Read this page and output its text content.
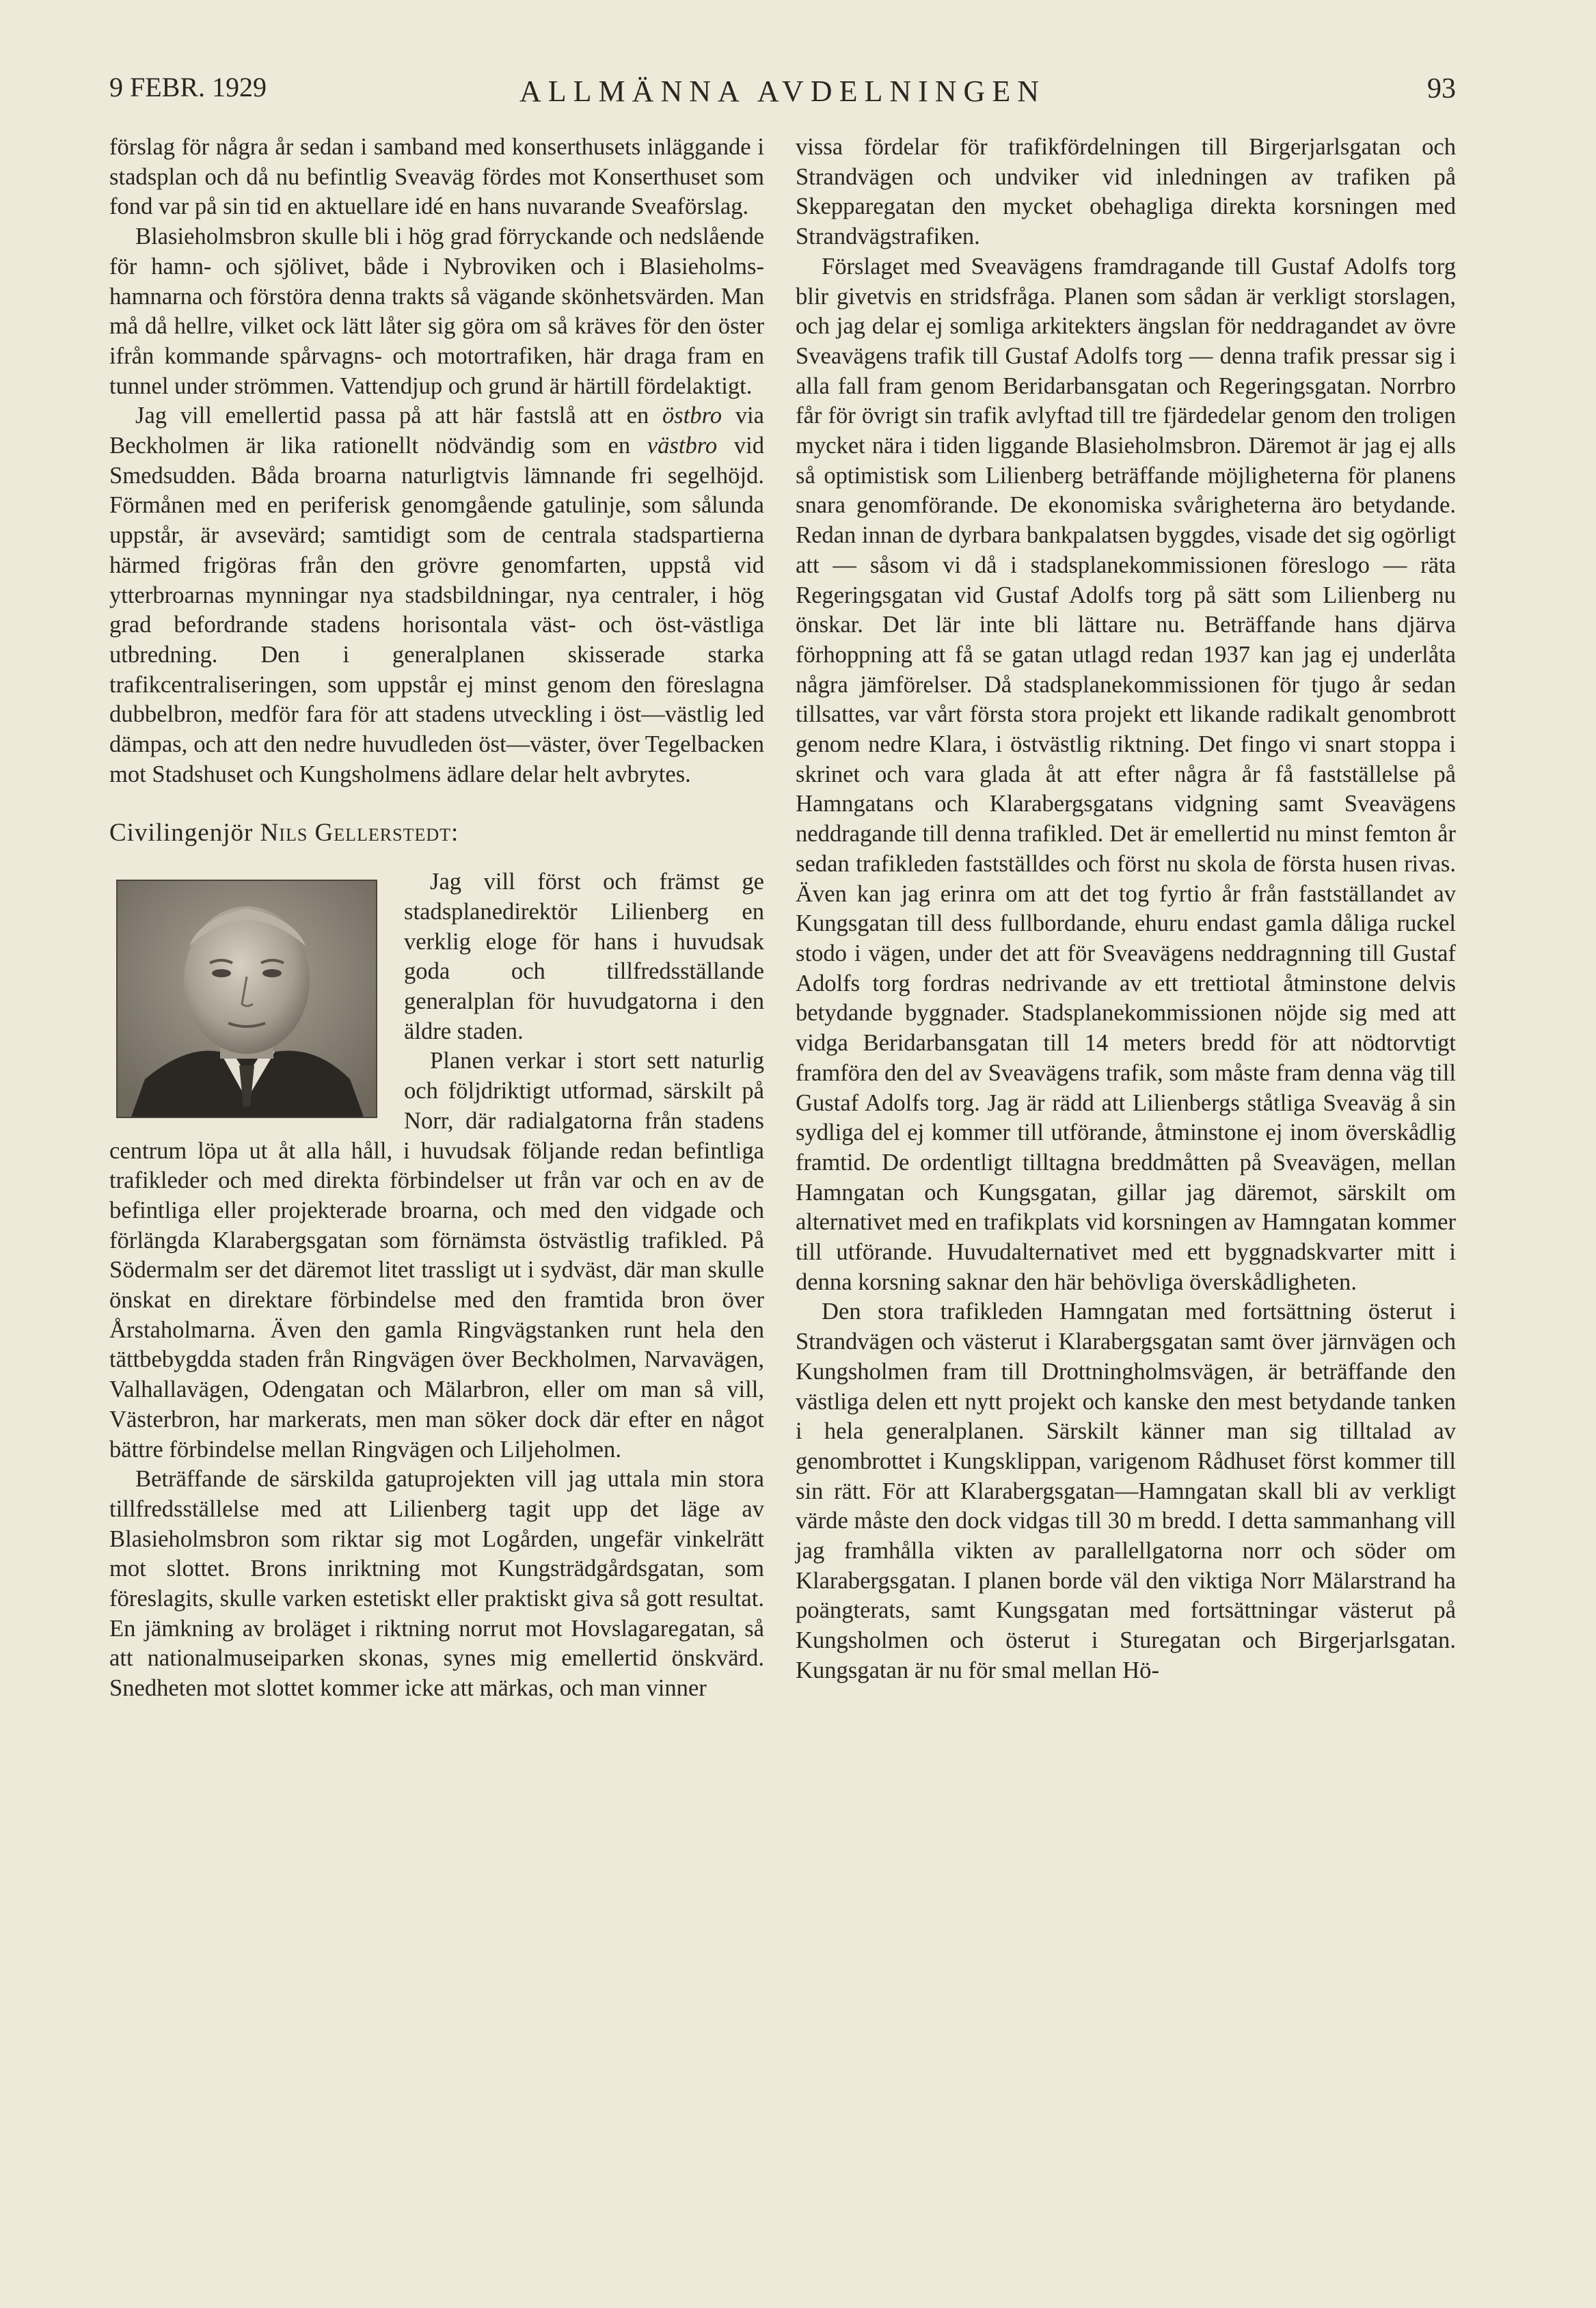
9 FEBR. 1929	ALLMÄNNA AVDELNINGEN	93

förslag för några år sedan i samband med konserthusets inläggande i stadsplan och då nu befintlig Sveaväg fördes mot Konserthuset som fond var på sin tid en aktuellare idé en hans nuvarande Sveaförslag.

Blasieholmsbron skulle bli i hög grad förryckande och nedslående för hamn- och sjölivet, både i Nybroviken och i Blasieholms-hamnarna och förstöra denna trakts så vägande skönhetsvärden. Man må då hellre, vilket ock lätt låter sig göra om så kräves för den öster ifrån kommande spårvagns- och motortrafiken, här draga fram en tunnel under strömmen. Vattendjup och grund är härtill fördelaktigt.

Jag vill emellertid passa på att här fastslå att en östbro via Beckholmen är lika rationellt nödvändig som en västbro vid Smedsudden. Båda broarna naturligtvis lämnande fri segelhöjd. Förmånen med en periferisk genomgående gatulinje, som sålunda uppstår, är avsevärd; samtidigt som de centrala stadspartierna härmed frigöras från den grövre genomfarten, uppstå vid ytterbroarnas mynningar nya stadsbildningar, nya centraler, i hög grad befordrande stadens horisontala väst- och öst-västliga utbredning. Den i generalplanen skisserade starka trafikcentraliseringen, som uppstår ej minst genom den föreslagna dubbelbron, medför fara för att stadens utveckling i öst—västlig led dämpas, och att den nedre huvudleden öst—väster, över Tegelbacken mot Stadshuset och Kungsholmens ädlare delar helt avbrytes.

Civilingenjör Nils Gellerstedt:

Jag vill först och främst ge stadsplanedirektör Lilienberg en verklig eloge för hans i huvudsak goda och tillfredsställande generalplan för huvudgatorna i den äldre staden.

Planen verkar i stort sett naturlig och följdriktigt utformad, särskilt på Norr, där radialgatorna från stadens centrum löpa ut åt alla håll, i huvudsak följande redan befintliga trafikleder och med direkta förbindelser ut från var och en av de befintliga eller projekterade broarna, och med den vidgade och förlängda Klarabergsgatan som förnämsta östvästlig trafikled. På Södermalm ser det däremot litet trassligt ut i sydväst, där man skulle önskat en direktare förbindelse med den framtida bron över Årstaholmarna. Även den gamla Ringvägstanken runt hela den tättbebygdda staden från Ringvägen över Beckholmen, Narvavägen, Valhallavägen, Odengatan och Mälarbron, eller om man så vill, Västerbron, har markerats, men man söker dock där efter en något bättre förbindelse mellan Ringvägen och Liljeholmen.

Beträffande de särskilda gatuprojekten vill jag uttala min stora tillfredsställelse med att Lilienberg tagit upp det läge av Blasieholmsbron som riktar sig mot Logården, ungefär vinkelrätt mot slottet. Brons inriktning mot Kungsträdgårdsgatan, som föreslagits, skulle varken estetiskt eller praktiskt giva så gott resultat. En jämkning av broläget i riktning norrut mot Hovslagaregatan, så att nationalmuseiparken skonas, synes mig emellertid önskvärd. Snedheten mot slottet kommer icke att märkas, och man vinner

vissa fördelar för trafikfördelningen till Birgerjarlsgatan och Strandvägen och undviker vid inledningen av trafiken på Skepparegatan den mycket obehagliga direkta korsningen med Strandvägstrafiken.

Förslaget med Sveavägens framdragande till Gustaf Adolfs torg blir givetvis en stridsfråga. Planen som sådan är verkligt storslagen, och jag delar ej somliga arkitekters ängslan för neddragandet av övre Sveavägens trafik till Gustaf Adolfs torg — denna trafik pressar sig i alla fall fram genom Beridarbansgatan och Regeringsgatan. Norrbro får för övrigt sin trafik avlyftad till tre fjärdedelar genom den troligen mycket nära i tiden liggande Blasieholmsbron. Däremot är jag ej alls så optimistisk som Lilienberg beträffande möjligheterna för planens snara genomförande. De ekonomiska svårigheterna äro betydande. Redan innan de dyrbara bankpalatsen byggdes, visade det sig ogörligt att — såsom vi då i stadsplanekommissionen föreslogo — räta Regeringsgatan vid Gustaf Adolfs torg på sätt som Lilienberg nu önskar. Det lär inte bli lättare nu. Beträffande hans djärva förhoppning att få se gatan utlagd redan 1937 kan jag ej underlåta några jämförelser. Då stadsplanekommissionen för tjugo år sedan tillsattes, var vårt första stora projekt ett likande radikalt genombrott genom nedre Klara, i östvästlig riktning. Det fingo vi snart stoppa i skrinet och vara glada åt att efter några år få fastställelse på Hamngatans och Klarabergsgatans vidgning samt Sveavägens neddragande till denna trafikled. Det är emellertid nu minst femton år sedan trafikleden fastställdes och först nu skola de första husen rivas. Även kan jag erinra om att det tog fyrtio år från fastställandet av Kungsgatan till dess fullbordande, ehuru endast gamla dåliga ruckel stodo i vägen, under det att för Sveavägens neddragnning till Gustaf Adolfs torg fordras nedrivande av ett trettiotal åtminstone delvis betydande byggnader. Stadsplanekommissionen nöjde sig med att vidga Beridarbansgatan till 14 meters bredd för att nödtorvtigt framföra den del av Sveavägens trafik, som måste fram denna väg till Gustaf Adolfs torg. Jag är rädd att Lilienbergs ståtliga Sveaväg å sin sydliga del ej kommer till utförande, åtminstone ej inom överskådlig framtid. De ordentligt tilltagna breddmåtten på Sveavägen, mellan Hamngatan och Kungsgatan, gillar jag däremot, särskilt om alternativet med en trafikplats vid korsningen av Hamngatan kommer till utförande. Huvudalternativet med ett byggnadskvarter mitt i denna korsning saknar den här behövliga överskådligheten.

Den stora trafikleden Hamngatan med fortsättning österut i Strandvägen och västerut i Klarabergsgatan samt över järnvägen och Kungsholmen fram till Drottningholmsvägen, är beträffande den västliga delen ett nytt projekt och kanske den mest betydande tanken i hela generalplanen. Särskilt känner man sig tilltalad av genombrottet i Kungsklippan, varigenom Rådhuset först kommer till sin rätt. För att Klarabergsgatan—Hamngatan skall bli av verkligt värde måste den dock vidgas till 30 m bredd. I detta sammanhang vill jag framhålla vikten av parallellgatorna norr och söder om Klarabergsgatan. I planen borde väl den viktiga Norr Mälarstrand ha poängterats, samt Kungsgatan med fortsättningar västerut på Kungsholmen och österut i Sturegatan och Birgerjarlsgatan. Kungsgatan är nu för smal mellan Hö-
